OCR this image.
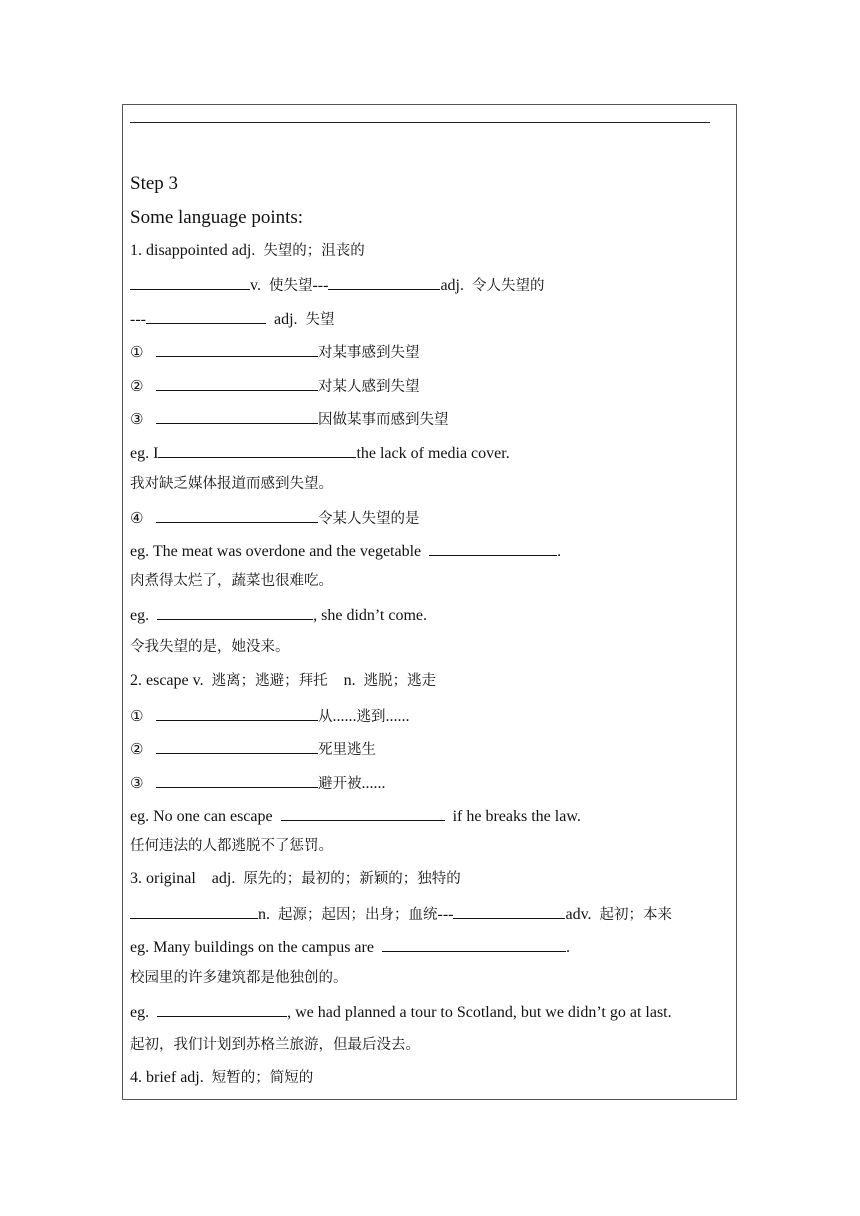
Step 3
Some language points:
1. disappointed adj. 失望的；沮丧的
v. 使失望---	adj. 令人失望的
---	adj. 失望
①	对某事感到失望
②	对某人感到失望
③	因做某事而感到失望
eg. I	the lack of media cover.
我对缺乏媒体报道而感到失望。
④	令某人失望的是
eg. The meat was overdone and the vegetable	.
肉煮得太烂了，蔬菜也很难吃。
eg.	, she didn’t come.
令我失望的是，她没来。
2. escape v. 逃离；逃避；拜托 n. 逃脱；逃走
①	从......逃到......
②	死里逃生
③	避开被......
eg. No one can escape	if he breaks the law.
任何违法的人都逃脱不了惩罚。
3. original adj. 原先的；最初的；新颖的；独特的
n. 起源；起因；出身；血统---	adv. 起初；本来
eg. Many buildings on the campus are	.
校园里的许多建筑都是他独创的。
eg.	, we had planned a tour to Scotland, but we didn’t go at last.
起初，我们计划到苏格兰旅游，但最后没去。
4. brief adj. 短暂的；简短的
